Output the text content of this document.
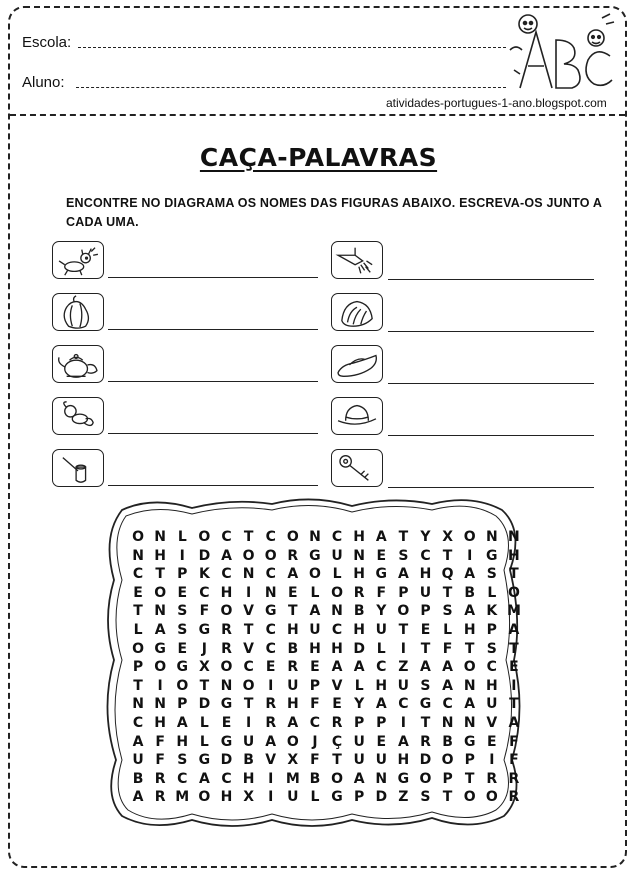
Escola:
Aluno:
atividades-portugues-1-ano.blogspot.com
CAÇA-PALAVRAS
ENCONTRE NO DIAGRAMA OS NOMES DAS FIGURAS ABAIXO. ESCREVA-OS JUNTO A CADA UMA.
O N L O C T C O N C H A T Y X O N N
N H I D A O O R G U N E S C T	I G H
C T P K C N C A O L H G A H Q A S T
E O E C H I N E L O R F P U T B L O
T N S F O V G T A N B Y O P S A K M
L A S G R T C H U C H U T E L H P A
O G E	J	R V C B H H D L	I	T F T S T
P O G X O C E R E A A C Z A A O C E
T	I O T N O I U P V L H U S A N H I
N N P D G T R H F E Y A C G C A U T
C H A L E	I	R A C R P P	I	T N N V A
A F H L G U A O J	Ç U E A R B G E F
U F S G D B V X F T U U H D O P	I	F
B R C A C H I M B O A N G O P T R R
A R M O H X	I U L G P D Z S T O O R
